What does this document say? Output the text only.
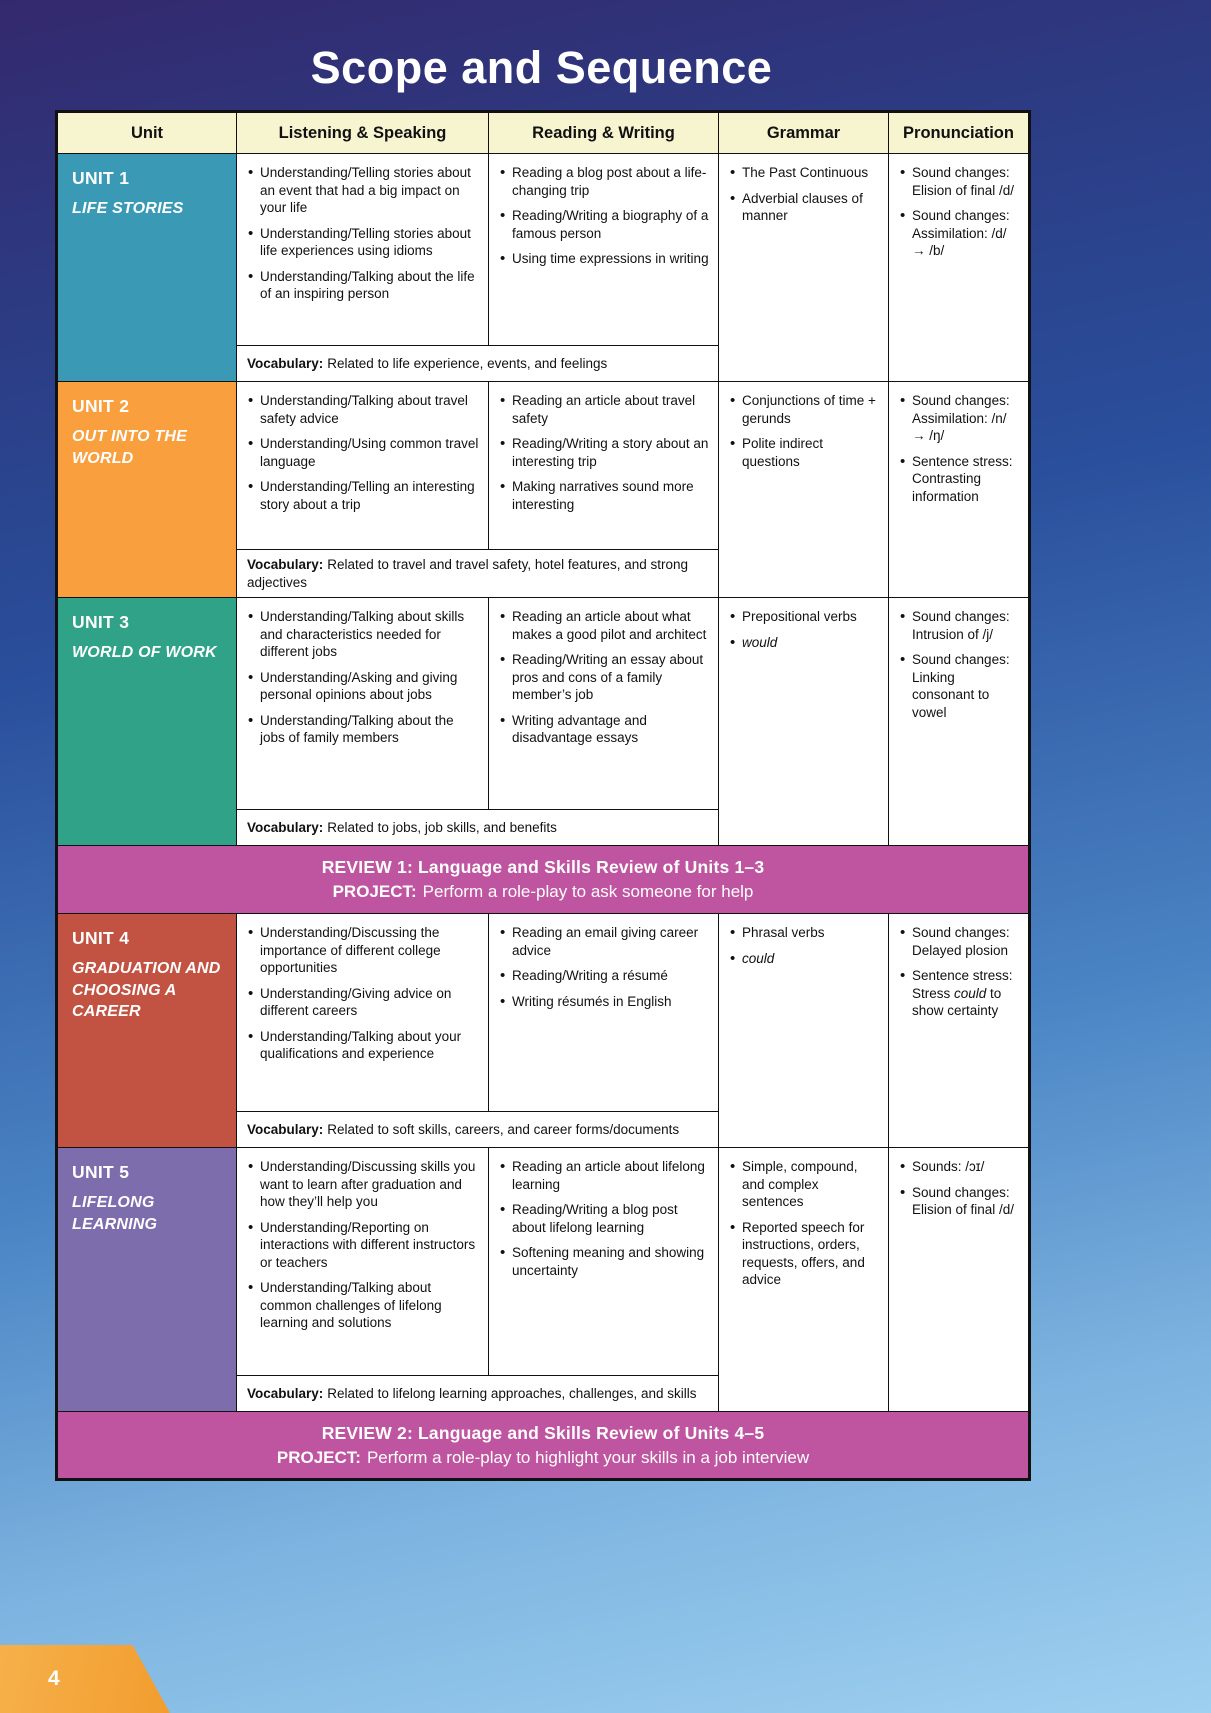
Scope and Sequence
Unit	Listening & Speaking	Reading & Writing	Grammar	Pronunciation

UNIT 1
LIFE STORIES

• Understanding/Telling stories about an event that had a big impact on your life
• Understanding/Telling stories about life experiences using idioms
• Understanding/Talking about the life of an inspiring person

• Reading a blog post about a life-changing trip
• Reading/Writing a biography of a famous person
• Using time expressions in writing

• The Past Continuous
• Adverbial clauses of manner

• Sound changes: Elision of final /d/
• Sound changes: Assimilation: /d/ → /b/

	Vocabulary: Related to life experience, events, and feelings			

UNIT 2
OUT INTO THE WORLD

• Understanding/Talking about travel safety advice
• Understanding/Using common travel language
• Understanding/Telling an interesting story about a trip

• Reading an article about travel safety
• Reading/Writing a story about an interesting trip
• Making narratives sound more interesting

• Conjunctions of time + gerunds
• Polite indirect questions

• Sound changes: Assimilation: /n/ → /ŋ/
• Sentence stress: Contrasting information

	Vocabulary: Related to travel and travel safety, hotel features, and strong adjectives			

UNIT 3
WORLD OF WORK

• Understanding/Talking about skills and characteristics needed for different jobs
• Understanding/Asking and giving personal opinions about jobs
• Understanding/Talking about the jobs of family members

• Reading an article about what makes a good pilot and architect
• Reading/Writing an essay about pros and cons of a family member’s job
• Writing advantage and disadvantage essays

• Prepositional verbs
• would

• Sound changes: Intrusion of /j/
• Sound changes: Linking consonant to vowel

	Vocabulary: Related to jobs, job skills, and benefits			

REVIEW 1: Language and Skills Review of Units 1–3
PROJECT: Perform a role-play to ask someone for help				

UNIT 4
GRADUATION AND CHOOSING A CAREER

• Understanding/Discussing the importance of different college opportunities
• Understanding/Giving advice on different careers
• Understanding/Talking about your qualifications and experience

• Reading an email giving career advice
• Reading/Writing a résumé
• Writing résumés in English

• Phrasal verbs
• could

• Sound changes: Delayed plosion
• Sentence stress: Stress could to show certainty

	Vocabulary: Related to soft skills, careers, and career forms/documents			

UNIT 5
LIFELONG LEARNING

• Understanding/Discussing skills you want to learn after graduation and how they’ll help you
• Understanding/Reporting on interactions with different instructors or teachers
• Understanding/Talking about common challenges of lifelong learning and solutions

• Reading an article about lifelong learning
• Reading/Writing a blog post about lifelong learning
• Softening meaning and showing uncertainty

• Simple, compound, and complex sentences
• Reported speech for instructions, orders, requests, offers, and advice

• Sounds: /ɔɪ/
• Sound changes: Elision of final /d/

	Vocabulary: Related to lifelong learning approaches, challenges, and skills			

REVIEW 2: Language and Skills Review of Units 4–5
PROJECT: Perform a role-play to highlight your skills in a job interview				
4
